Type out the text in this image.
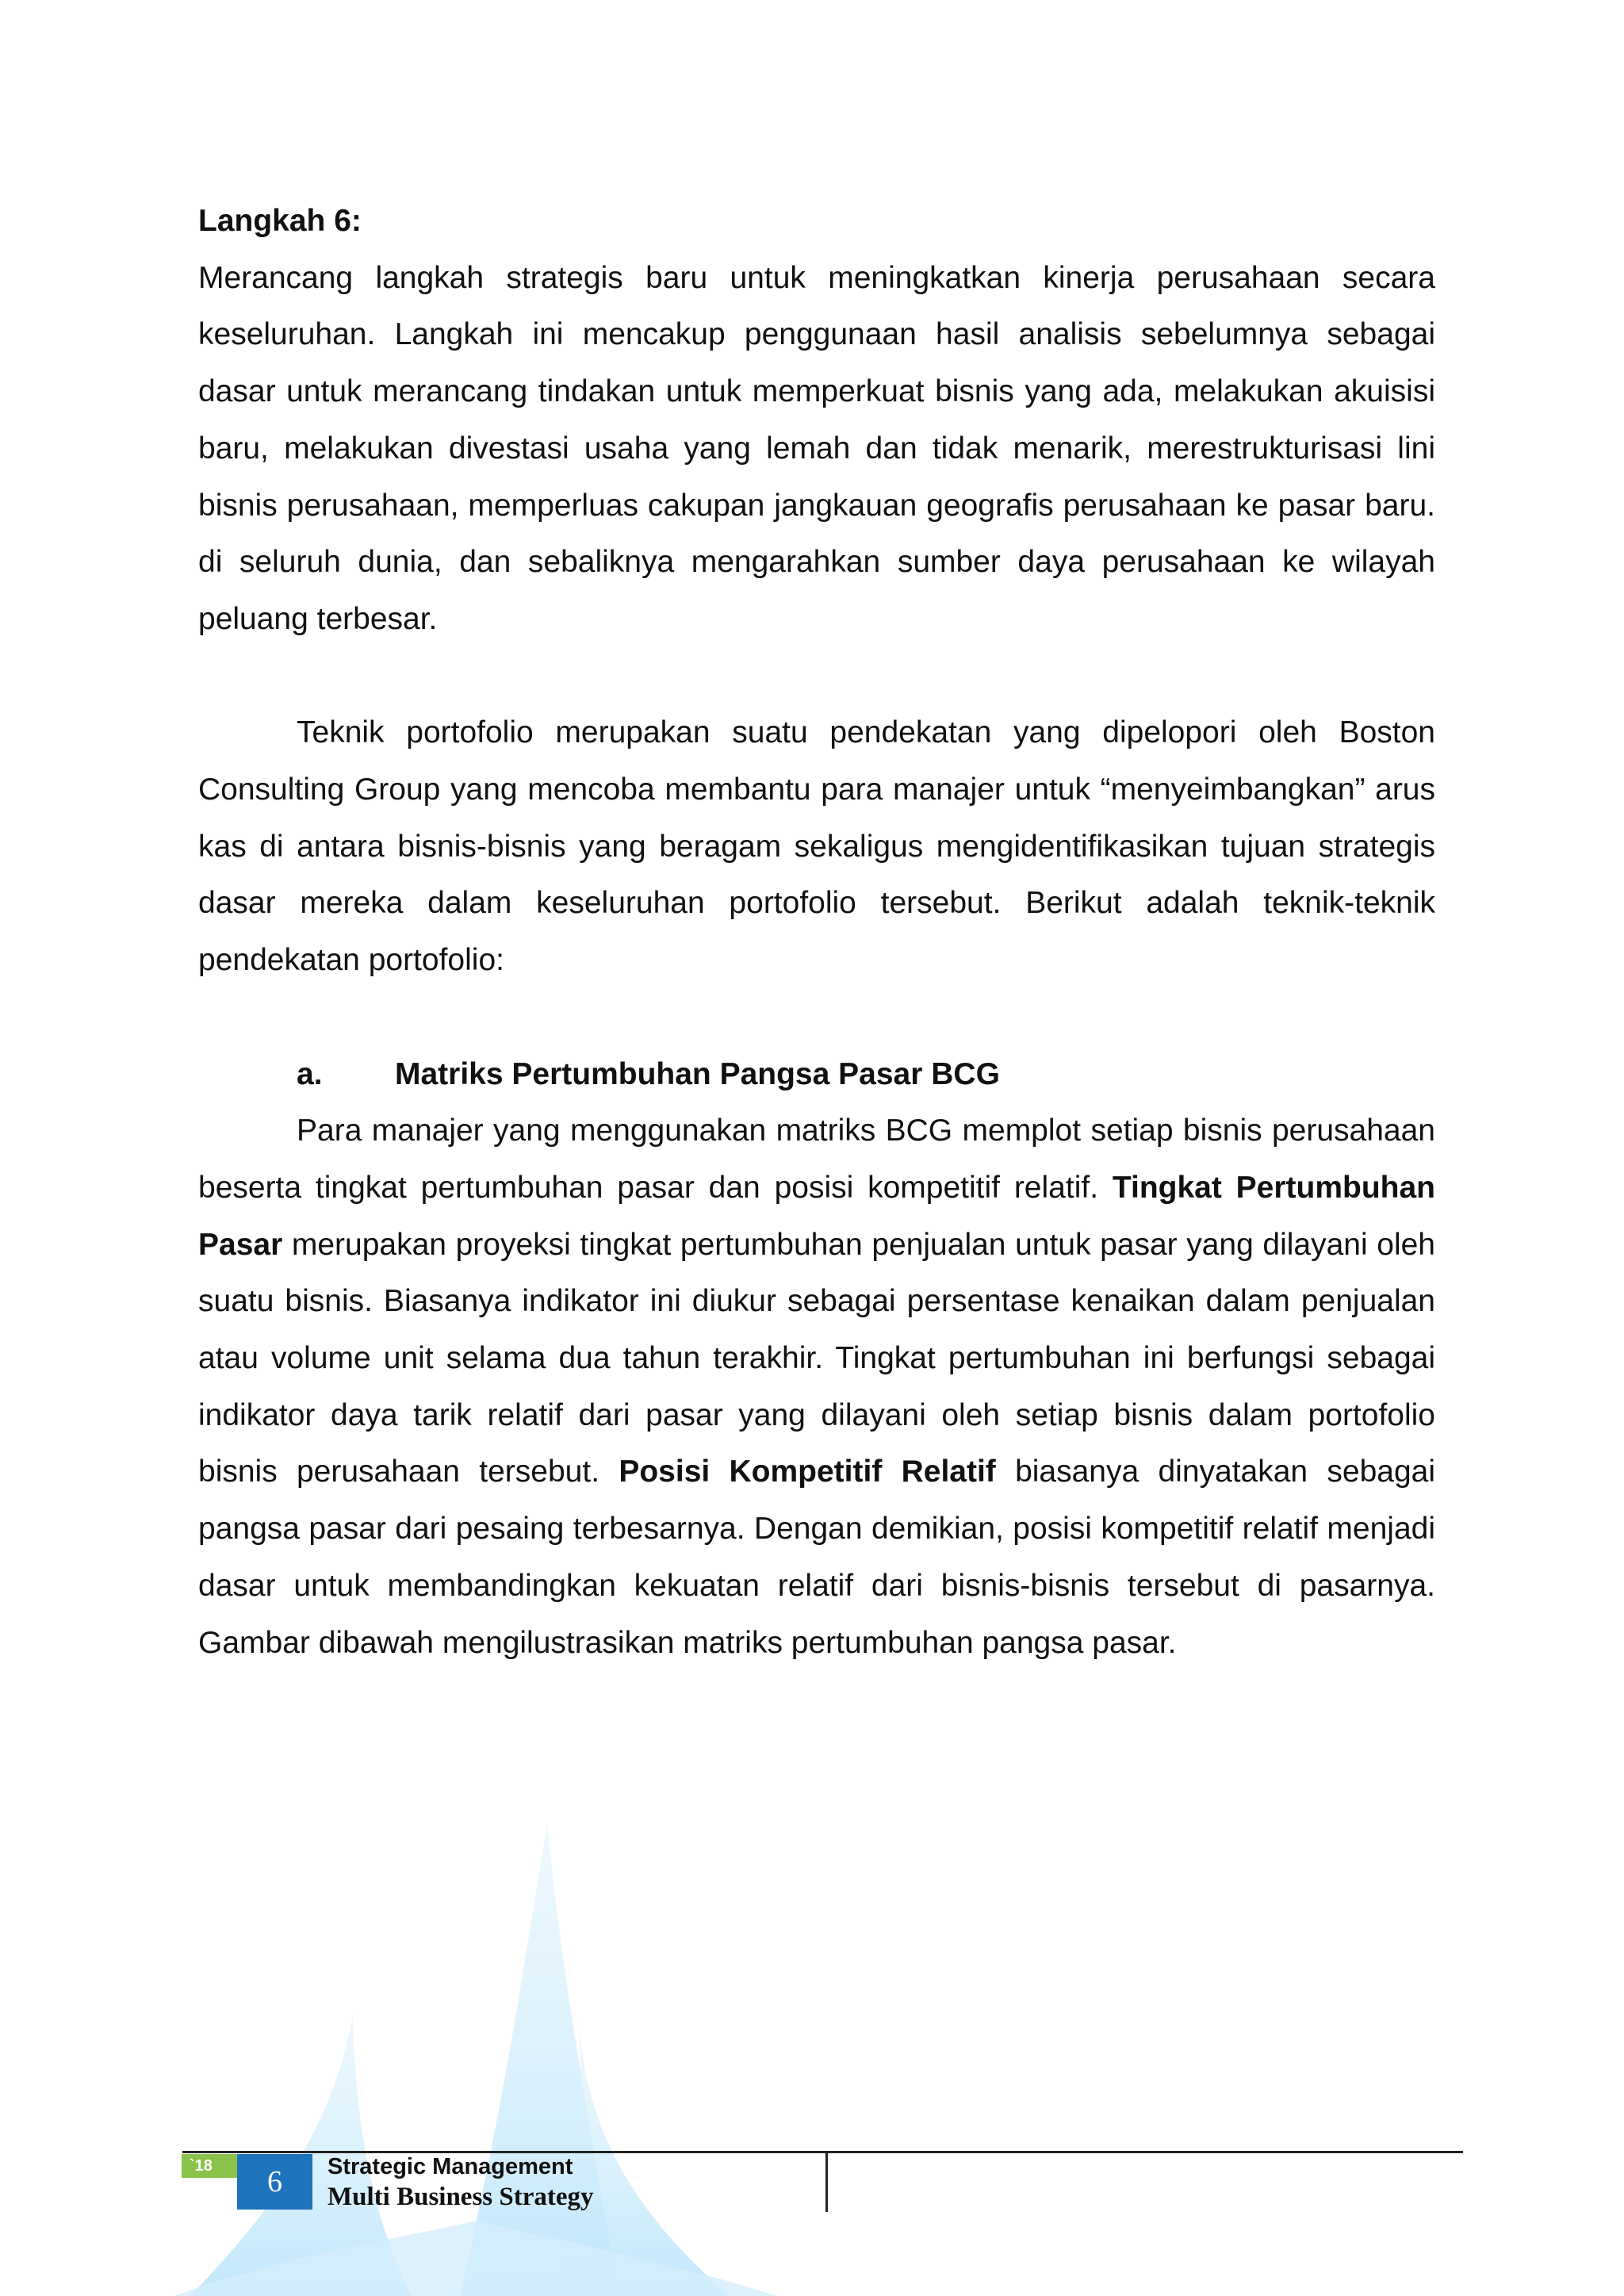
Langkah 6:

Merancang langkah strategis baru untuk meningkatkan kinerja perusahaan secara keseluruhan. Langkah ini mencakup penggunaan hasil analisis sebelumnya sebagai dasar untuk merancang tindakan untuk memperkuat bisnis yang ada, melakukan akuisisi baru, melakukan divestasi usaha yang lemah dan tidak menarik, merestrukturisasi lini bisnis perusahaan, memperluas cakupan jangkauan geografis perusahaan ke pasar baru. di seluruh dunia, dan sebaliknya mengarahkan sumber daya perusahaan ke wilayah peluang terbesar.

Teknik portofolio merupakan suatu pendekatan yang dipelopori oleh Boston Consulting Group yang mencoba membantu para manajer untuk “menyeimbangkan” arus kas di antara bisnis-bisnis yang beragam sekaligus mengidentifikasikan tujuan strategis dasar mereka dalam keseluruhan portofolio tersebut. Berikut adalah teknik-teknik pendekatan portofolio:

a.	Matriks Pertumbuhan Pangsa Pasar BCG

Para manajer yang menggunakan matriks BCG memplot setiap bisnis perusahaan beserta tingkat pertumbuhan pasar dan posisi kompetitif relatif. Tingkat Pertumbuhan Pasar merupakan proyeksi tingkat pertumbuhan penjualan untuk pasar yang dilayani oleh suatu bisnis. Biasanya indikator ini diukur sebagai persentase kenaikan dalam penjualan atau volume unit selama dua tahun terakhir. Tingkat pertumbuhan ini berfungsi sebagai indikator daya tarik relatif dari pasar yang dilayani oleh setiap bisnis dalam portofolio bisnis perusahaan tersebut. Posisi Kompetitif Relatif biasanya dinyatakan sebagai pangsa pasar dari pesaing terbesarnya. Dengan demikian, posisi kompetitif relatif menjadi dasar untuk membandingkan kekuatan relatif dari bisnis-bisnis tersebut di pasarnya. Gambar dibawah mengilustrasikan matriks pertumbuhan pangsa pasar.

`18	6	Strategic Management
Multi Business Strategy
